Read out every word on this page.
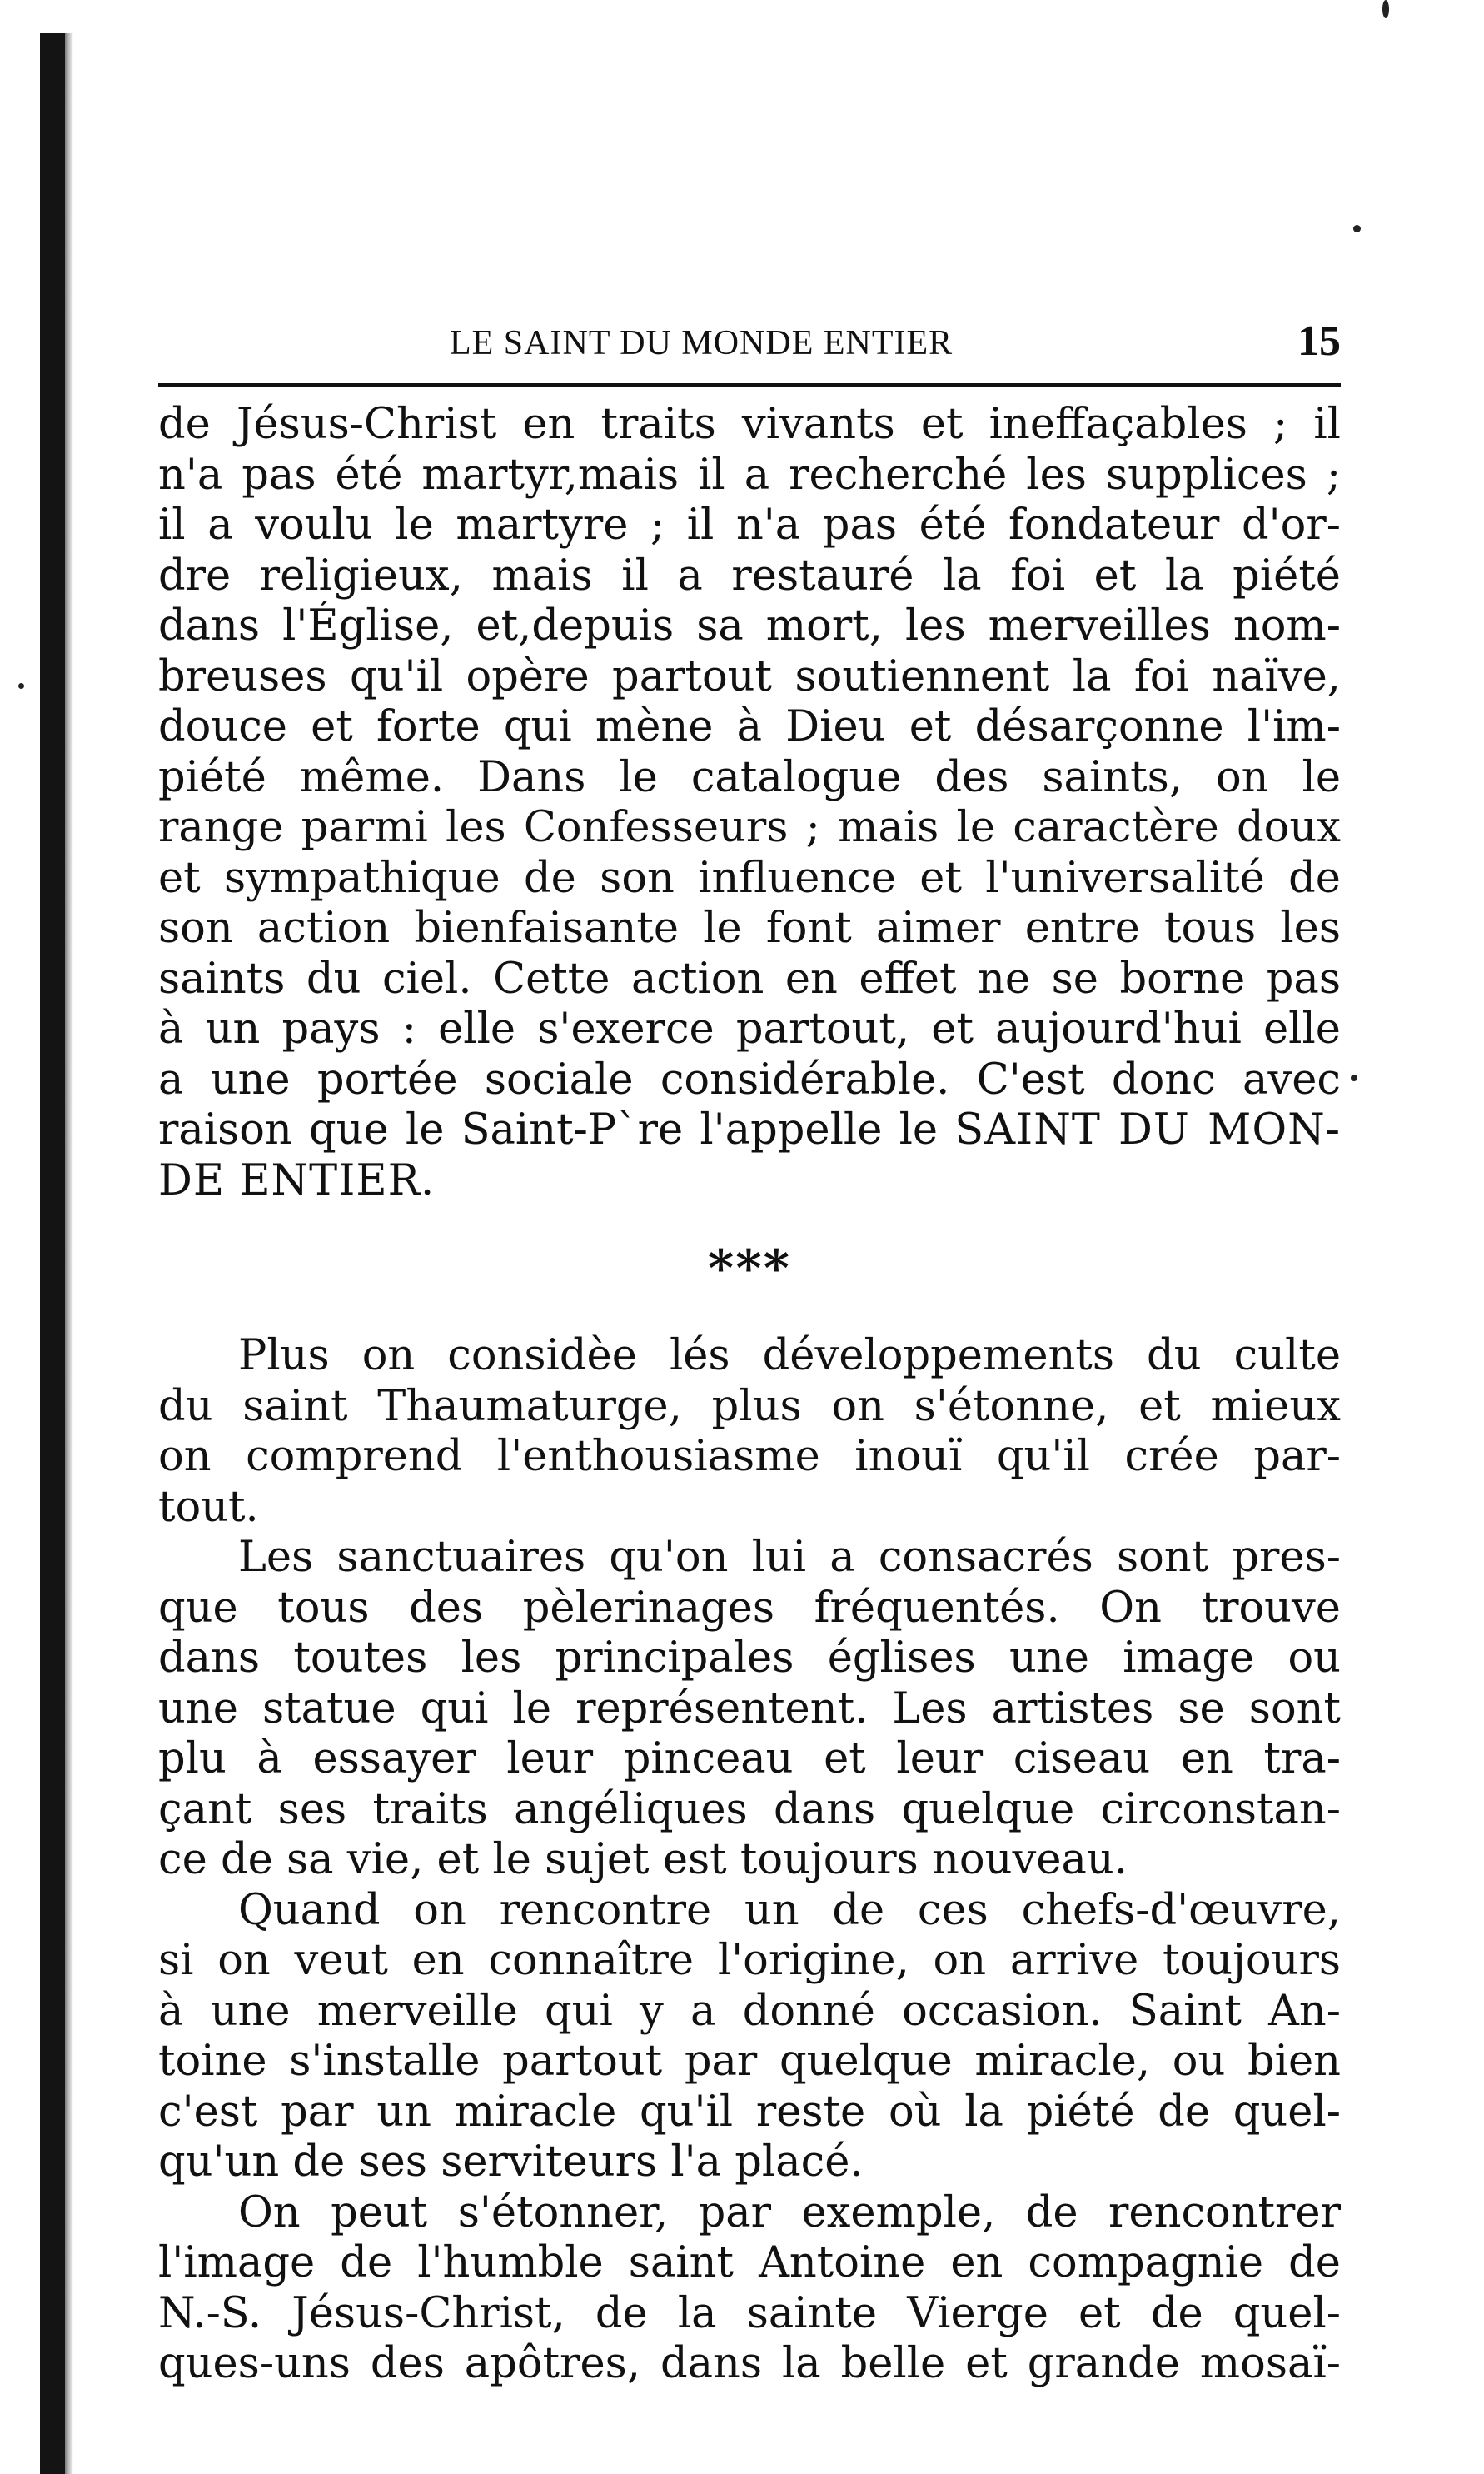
LE SAINT DU MONDE ENTIER	15
de Jésus-Christ en traits vivants et ineffaçables ; il
n'a pas été martyr,mais il a recherché les supplices ;
il a voulu le martyre ; il n'a pas été fondateur d'or-
dre religieux, mais il a restauré la foi et la piété
dans l'Église, et,depuis sa mort, les merveilles nom-
breuses qu'il opère partout soutiennent la foi naïve,
douce et forte qui mène à Dieu et désarçonne l'im-
piété même. Dans le catalogue des saints, on le
range parmi les Confesseurs ; mais le caractère doux
et sympathique de son influence et l'universalité de
son action bienfaisante le font aimer entre tous les
saints du ciel. Cette action en effet ne se borne pas
à un pays : elle s'exerce partout, et aujourd'hui elle
a une portée sociale considérable. C'est donc avec
raison que le Saint-P`re l'appelle le SAINT DU MON-
DE ENTIER.
***
Plus on considèe lés développements du culte
du saint Thaumaturge, plus on s'étonne, et mieux
on comprend l'enthousiasme inouï qu'il crée par-
tout.
Les sanctuaires qu'on lui a consacrés sont pres-
que tous des pèlerinages fréquentés. On trouve
dans toutes les principales églises une image ou
une statue qui le représentent. Les artistes se sont
plu à essayer leur pinceau et leur ciseau en tra-
çant ses traits angéliques dans quelque circonstan-
ce de sa vie, et le sujet est toujours nouveau.
Quand on rencontre un de ces chefs-d'œuvre,
si on veut en connaître l'origine, on arrive toujours
à une merveille qui y a donné occasion. Saint An-
toine s'installe partout par quelque miracle, ou bien
c'est par un miracle qu'il reste où la piété de quel-
qu'un de ses serviteurs l'a placé.
On peut s'étonner, par exemple, de rencontrer
l'image de l'humble saint Antoine en compagnie de
N.-S. Jésus-Christ, de la sainte Vierge et de quel-
ques-uns des apôtres, dans la belle et grande mosaï-
